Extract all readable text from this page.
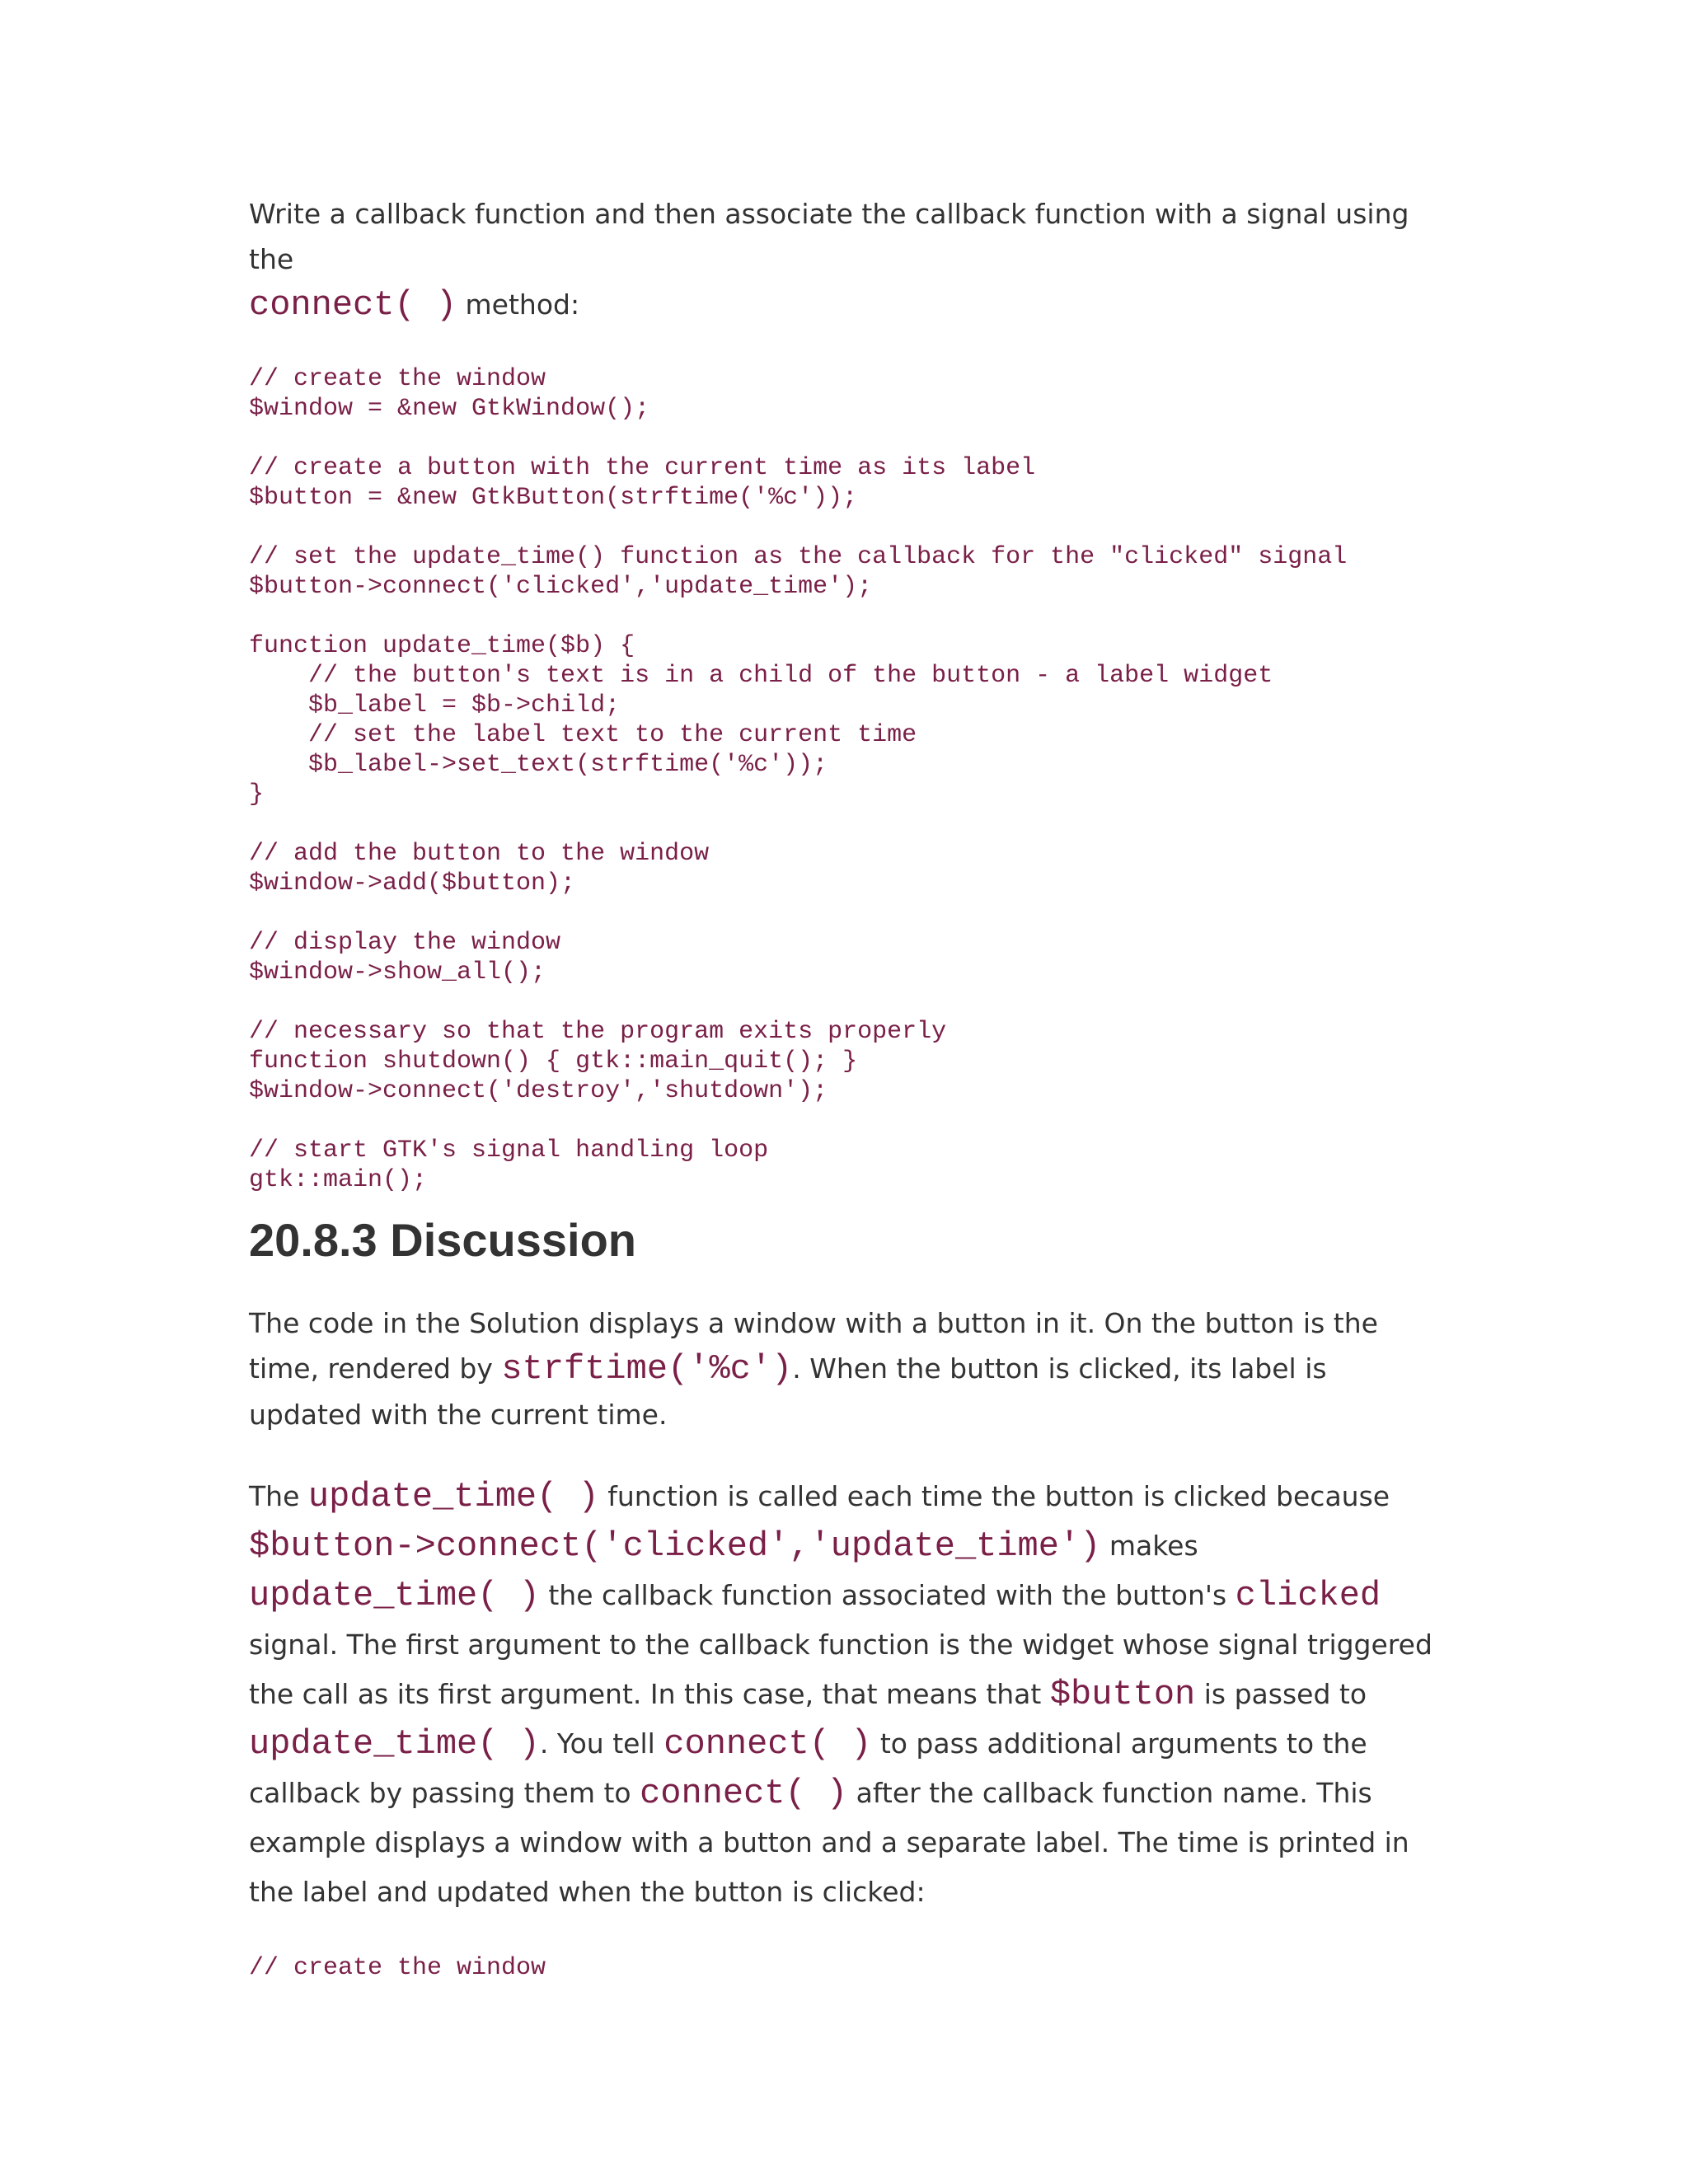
Write a callback function and then associate the callback function with a signal using the
connect( ) method:

// create the window
$window = &new GtkWindow();

// create a button with the current time as its label
$button = &new GtkButton(strftime('%c'));

// set the update_time() function as the callback for the "clicked" signal
$button->connect('clicked','update_time');

function update_time($b) {
// the button's text is in a child of the button - a label widget
$b_label = $b->child;
// set the label text to the current time
$b_label->set_text(strftime('%c'));
}

// add the button to the window
$window->add($button);

// display the window
$window->show_all();

// necessary so that the program exits properly
function shutdown() { gtk::main_quit(); }
$window->connect('destroy','shutdown');

// start GTK's signal handling loop
gtk::main();
20.8.3 Discussion

The code in the Solution displays a window with a button in it. On the button is the time, rendered by strftime('%c'). When the button is clicked, its label is updated with the current time.

The update_time( ) function is called each time the button is clicked because $button->connect('clicked','update_time') makes update_time( ) the callback function associated with the button's clicked signal. The first argument to the callback function is the widget whose signal triggered the call as its first argument. In this case, that means that $button is passed to update_time( ). You tell connect( ) to pass additional arguments to the callback by passing them to connect( ) after the callback function name. This example displays a window with a button and a separate label. The time is printed in the label and updated when the button is clicked:

// create the window
